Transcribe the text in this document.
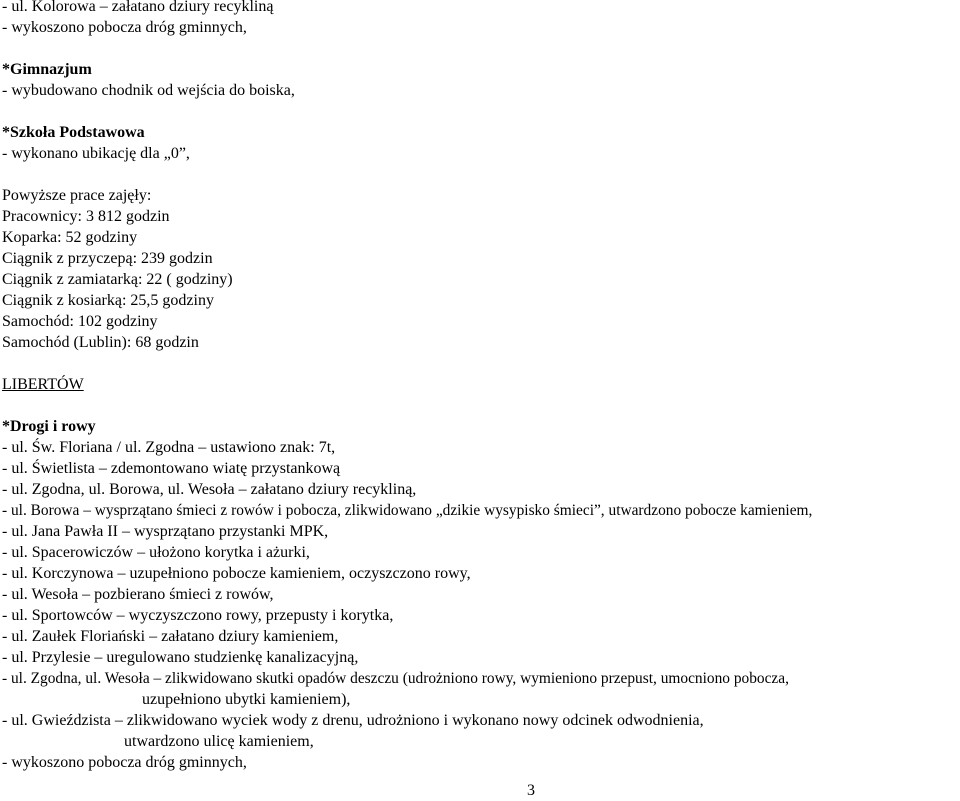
- ul. Kolorowa – załatano dziury recykliną
- wykoszono pobocza dróg gminnych,
*Gimnazjum
- wybudowano chodnik od wejścia do boiska,
*Szkoła Podstawowa
- wykonano ubikację dla „0”,
Powyższe prace zajęły:
Pracownicy: 3 812 godzin
Koparka: 52 godziny
Ciągnik z przyczepą: 239 godzin
Ciągnik z zamiatarką: 22 ( godziny)
Ciągnik z kosiarką: 25,5 godziny
Samochód: 102 godziny
Samochód (Lublin): 68 godzin
LIBERTÓW
*Drogi i rowy
- ul. Św. Floriana / ul. Zgodna – ustawiono znak: 7t,
- ul. Świetlista – zdemontowano wiatę przystankową
- ul. Zgodna, ul. Borowa, ul. Wesoła – załatano dziury recykliną,
- ul. Borowa – wysprzątano śmieci z rowów i pobocza, zlikwidowano „dzikie wysypisko śmieci”, utwardzono pobocze kamieniem,
- ul. Jana Pawła II – wysprzątano przystanki MPK,
- ul. Spacerowiczów – ułożono korytka i ażurki,
- ul. Korczynowa – uzupełniono pobocze kamieniem, oczyszczono rowy,
- ul. Wesoła – pozbierano śmieci z rowów,
- ul. Sportowców – wyczyszczono rowy, przepusty i korytka,
- ul. Zaułek Floriański – załatano dziury kamieniem,
- ul. Przylesie – uregulowano studzienkę kanalizacyjną,
- ul. Zgodna, ul. Wesoła – zlikwidowano skutki opadów deszczu (udrożniono rowy, wymieniono przepust, umocniono pobocza,
uzupełniono ubytki kamieniem),
- ul. Gwieździsta – zlikwidowano wyciek wody z drenu, udrożniono i wykonano nowy odcinek odwodnienia,
utwardzono ulicę kamieniem,
- wykoszono pobocza dróg gminnych,
3
